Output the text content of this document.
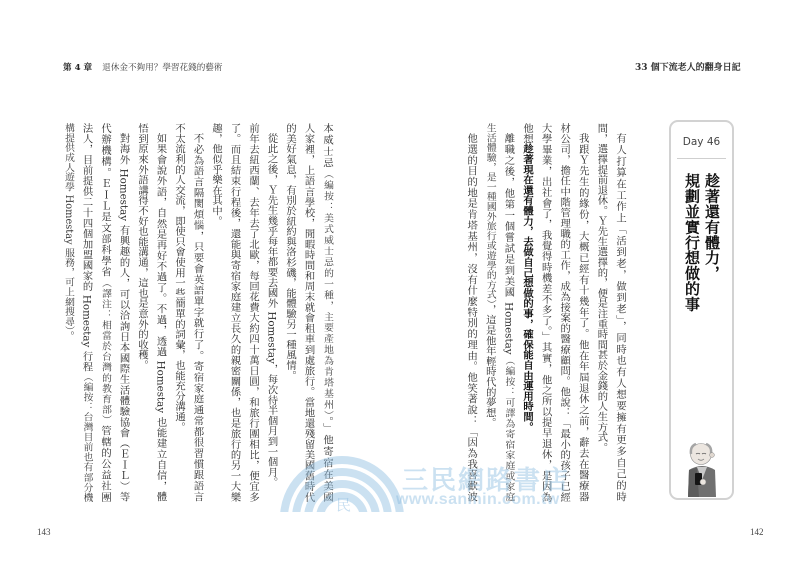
第 4 章 退休金不夠用？學習花錢的藝術
本威士忌（編按：美式威士忌的一種，主要產地為肯塔基州）。」他寄宿在美國
人家裡，上語言學校，閒暇時間和周末就會租車到處旅行。當地還殘留美國舊時代
的美好氣息，有別於紐約與洛杉磯，能體驗另一種風情。
從此之後，Ｙ先生幾乎每年都要去國外 Homestay，每次待半個月到一個月。
前年去紐西蘭、去年去了北歐，每回花費大約四十萬日圓，和旅行團相比，便宜多
了。而且結束行程後，還能與寄宿家庭建立長久的親密關係，也是旅行的另一大樂
趣，他似乎樂在其中。
不必為語言隔閡煩惱，只要會英語單字就行了。寄宿家庭通常都很習慣跟語言
不太流利的人交流，即使只會使用一些簡單的詞彙，也能充分溝通。
如果會說外語，自然是再好不過了。不過，透過 Homestay 也能建立自信，體
悟到原來外語講得不好也能溝通，這也是意外的收穫。
對海外 Homestay 有興趣的人，可以洽詢日本國際生活體驗協會（ＥＩＬ）等
代辦機構。ＥＩＬ是文部科學省（譯注：相當於台灣的教育部）管轄的公益社團
法人，目前提供二十四個加盟國家的 Homestay 行程（編按：台灣目前也有部分機
構提供成人遊學 Homestay 服務，可上網搜尋）。
143
33 個下流老人的翻身日記
Day 46
趁著還有體力，
規劃並實行想做的事
有人打算在工作上「活到老，做到老」，同時也有人想要擁有更多自己的時
間，選擇提前退休。Ｙ先生選擇的，便是注重時間甚於金錢的人生方式。
我跟Ｙ先生的緣份，大概已經有十幾年了。他在年屆退休之前，辭去在醫療器
材公司，擔任中階管理職的工作，成為接案的醫療顧問。他說：「最小的孩子已經
大學畢業，出社會了，我覺得時機差不多了。」其實，他之所以提早退休，是因為
他想趁著現在還有體力，去做自己想做的事，確保能自由運用時間。
離職之後，他第一個嘗試是到美國 Homestay（編按：可譯為寄宿家庭或家庭
生活體驗，是一種國外旅行或遊學的方式），這是他年輕時代的夢想。
他選的目的地是肯塔基州，沒有什麼特別的理由。他笑著說：「因為我喜歡波
142
民
三民網路書店
www.sanmin.com.tw
